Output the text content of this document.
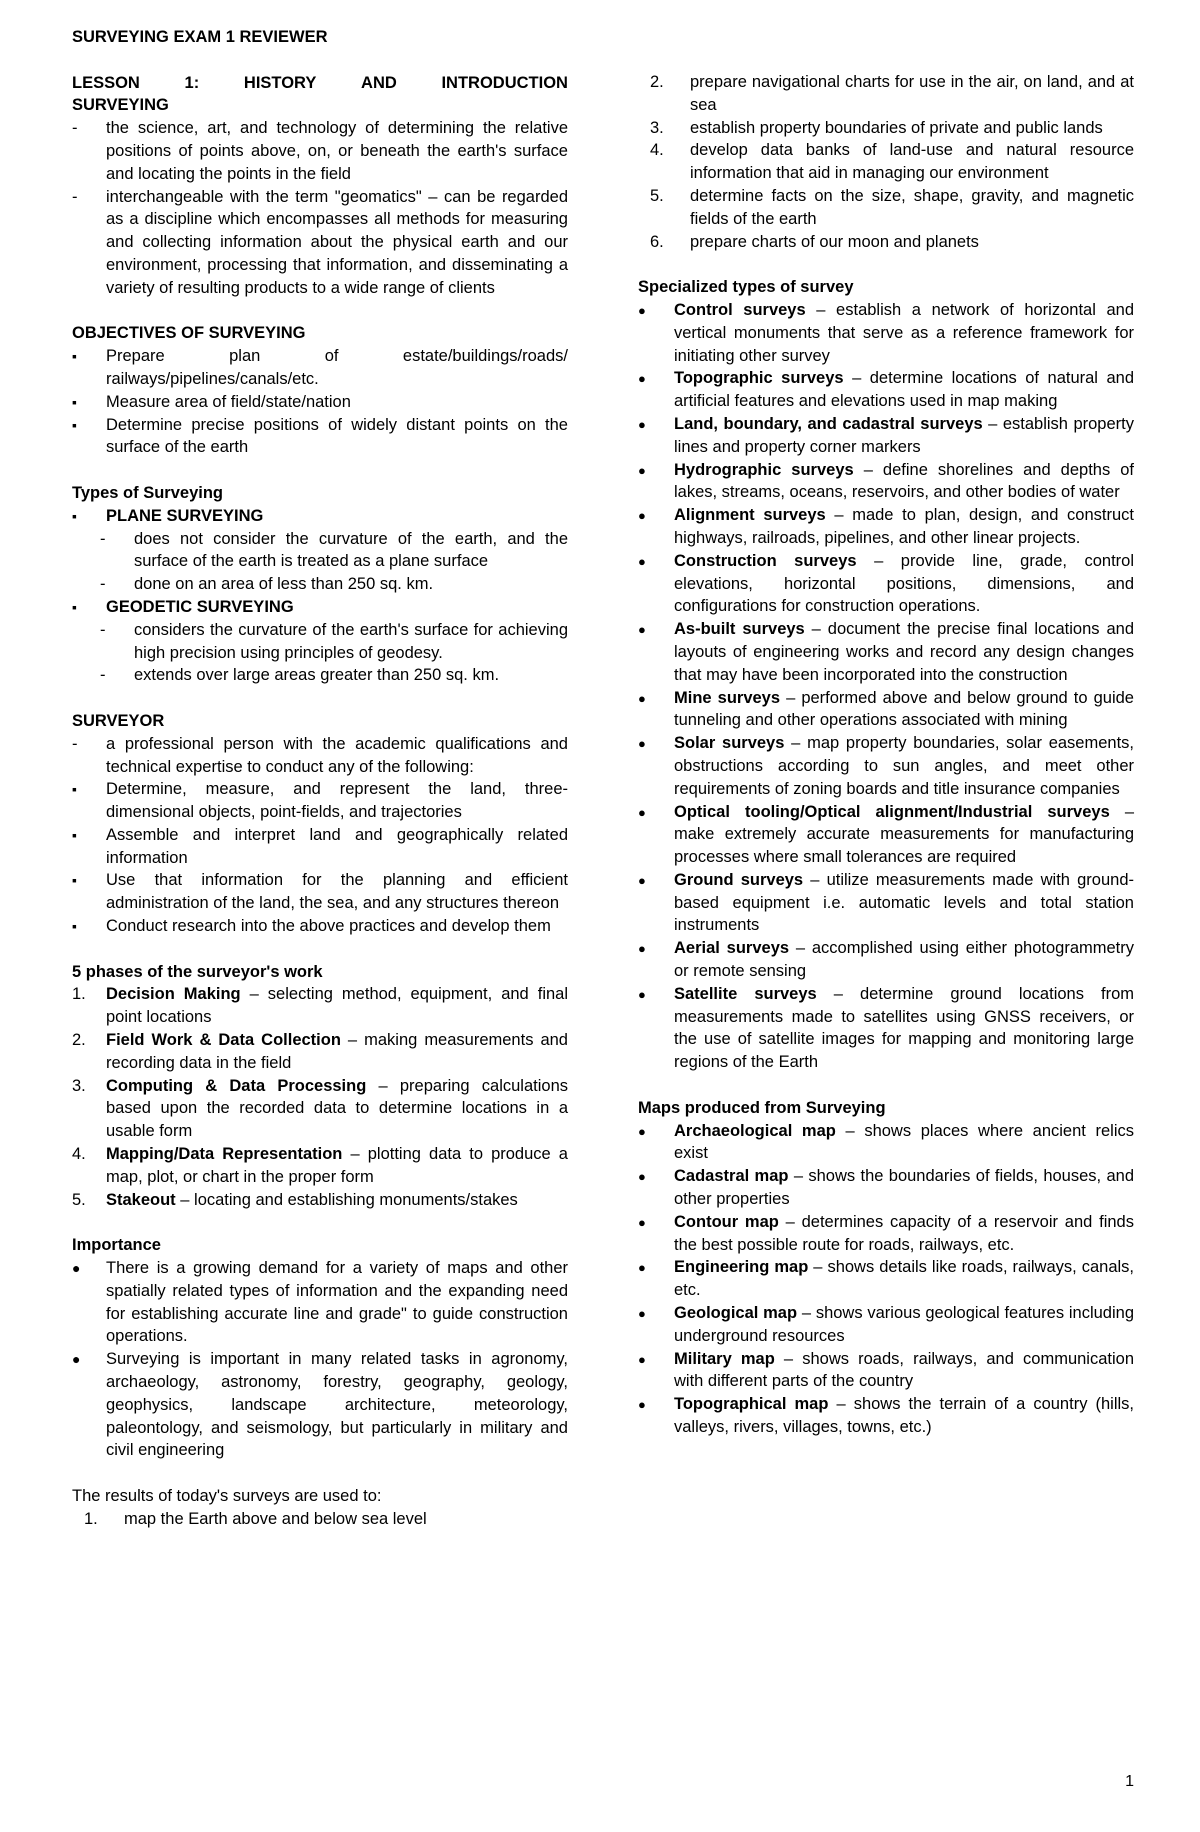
SURVEYING EXAM 1 REVIEWER

LESSON	1:	HISTORY	AND	INTRODUCTION

SURVEYING

-	the science, art, and technology of determining the relative positions of points above, on, or beneath the earth's surface and locating the points in the field
-	interchangeable with the term "geomatics" – can be regarded as a discipline which encompasses all methods for measuring and collecting information about the physical earth and our environment, processing that information, and disseminating a variety of resulting products to a wide range of clients

OBJECTIVES OF SURVEYING

▪	Prepare plan of estate/buildings/roads/ railways/pipelines/canals/etc.
▪	Measure area of field/state/nation
▪	Determine precise positions of widely distant points on the surface of the earth

Types of Surveying

▪	PLANE SURVEYING
- does not consider the curvature of the earth, and the surface of the earth is treated as a plane surface
- done on an area of less than 250 sq. km.
▪	GEODETIC SURVEYING
- considers the curvature of the earth's surface for achieving high precision using principles of geodesy.
- extends over large areas greater than 250 sq. km.

SURVEYOR

-	a professional person with the academic qualifications and technical expertise to conduct any of the following:
▪	Determine, measure, and represent the land, three-dimensional objects, point-fields, and trajectories
▪	Assemble and interpret land and geographically related information
▪	Use that information for the planning and efficient administration of the land, the sea, and any structures thereon
▪	Conduct research into the above practices and develop them

5 phases of the surveyor's work

1.	Decision Making – selecting method, equipment, and final point locations
2.	Field Work & Data Collection – making measurements and recording data in the field
3.	Computing & Data Processing – preparing calculations based upon the recorded data to determine locations in a usable form
4.	Mapping/Data Representation – plotting data to produce a map, plot, or chart in the proper form
5.	Stakeout – locating and establishing monuments/stakes

Importance

●	There is a growing demand for a variety of maps and other spatially related types of information and the expanding need for establishing accurate line and grade" to guide construction operations.
●	Surveying is important in many related tasks in agronomy, archaeology, astronomy, forestry, geography, geology, geophysics, landscape architecture, meteorology, paleontology, and seismology, but particularly in military and civil engineering

The results of today's surveys are used to:

1. map the Earth above and below sea level
2. prepare navigational charts for use in the air, on land, and at sea
3. establish property boundaries of private and public lands
4. develop data banks of land-use and natural resource information that aid in managing our environment
5. determine facts on the size, shape, gravity, and magnetic fields of the earth
6. prepare charts of our moon and planets

Specialized types of survey

● Control surveys – establish a network of horizontal and vertical monuments that serve as a reference framework for initiating other survey
● Topographic surveys – determine locations of natural and artificial features and elevations used in map making
● Land, boundary, and cadastral surveys – establish property lines and property corner markers
● Hydrographic surveys – define shorelines and depths of lakes, streams, oceans, reservoirs, and other bodies of water
● Alignment surveys – made to plan, design, and construct highways, railroads, pipelines, and other linear projects.
● Construction surveys – provide line, grade, control elevations, horizontal positions, dimensions, and configurations for construction operations.
● As-built surveys – document the precise final locations and layouts of engineering works and record any design changes that may have been incorporated into the construction
● Mine surveys – performed above and below ground to guide tunneling and other operations associated with mining
● Solar surveys – map property boundaries, solar easements, obstructions according to sun angles, and meet other requirements of zoning boards and title insurance companies
● Optical tooling/Optical alignment/Industrial surveys – make extremely accurate measurements for manufacturing processes where small tolerances are required
● Ground surveys – utilize measurements made with ground-based equipment i.e. automatic levels and total station instruments
● Aerial surveys – accomplished using either photogrammetry or remote sensing
● Satellite surveys – determine ground locations from measurements made to satellites using GNSS receivers, or the use of satellite images for mapping and monitoring large regions of the Earth

Maps produced from Surveying

● Archaeological map – shows places where ancient relics exist
● Cadastral map – shows the boundaries of fields, houses, and other properties
● Contour map – determines capacity of a reservoir and finds the best possible route for roads, railways, etc.
● Engineering map – shows details like roads, railways, canals, etc.
● Geological map – shows various geological features including underground resources
● Military map – shows roads, railways, and communication with different parts of the country
● Topographical map – shows the terrain of a country (hills, valleys, rivers, villages, towns, etc.)
1
